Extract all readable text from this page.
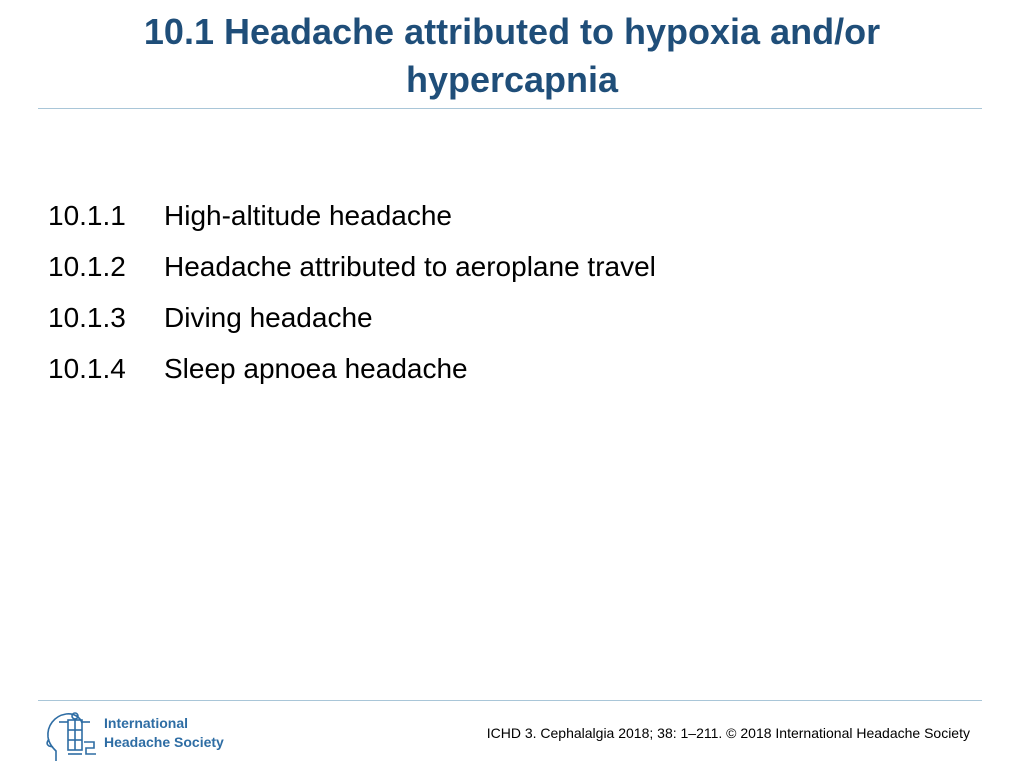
10.1 Headache attributed to hypoxia and/or hypercapnia
10.1.1	High-altitude headache
10.1.2	Headache attributed to aeroplane travel
10.1.3	Diving headache
10.1.4	Sleep apnoea headache
International
Headache Society
ICHD 3. Cephalalgia 2018; 38: 1–211. © 2018 International Headache Society
